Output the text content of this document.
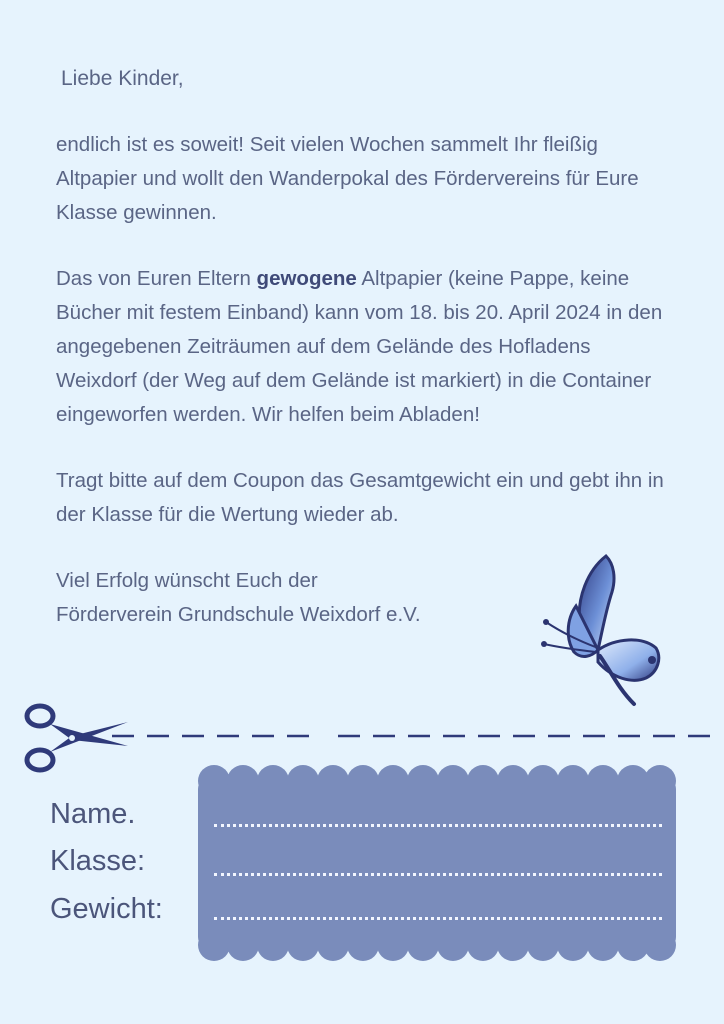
Liebe Kinder,

endlich ist es soweit! Seit vielen Wochen sammelt Ihr fleißig Altpapier und wollt den Wanderpokal des Fördervereins für Eure Klasse gewinnen.

Das von Euren Eltern gewogene Altpapier (keine Pappe, keine Bücher mit festem Einband) kann vom 18. bis 20. April 2024 in den angegebenen Zeiträumen auf dem Gelände des Hofladens Weixdorf (der Weg auf dem Gelände ist markiert) in die Container eingeworfen werden. Wir helfen beim Abladen!

Tragt bitte auf dem Coupon das Gesamtgewicht ein und gebt ihn in der Klasse für die Wertung wieder ab.

Viel Erfolg wünscht Euch der
Förderverein Grundschule Weixdorf e.V.

Name.
Klasse:
Gewicht:
